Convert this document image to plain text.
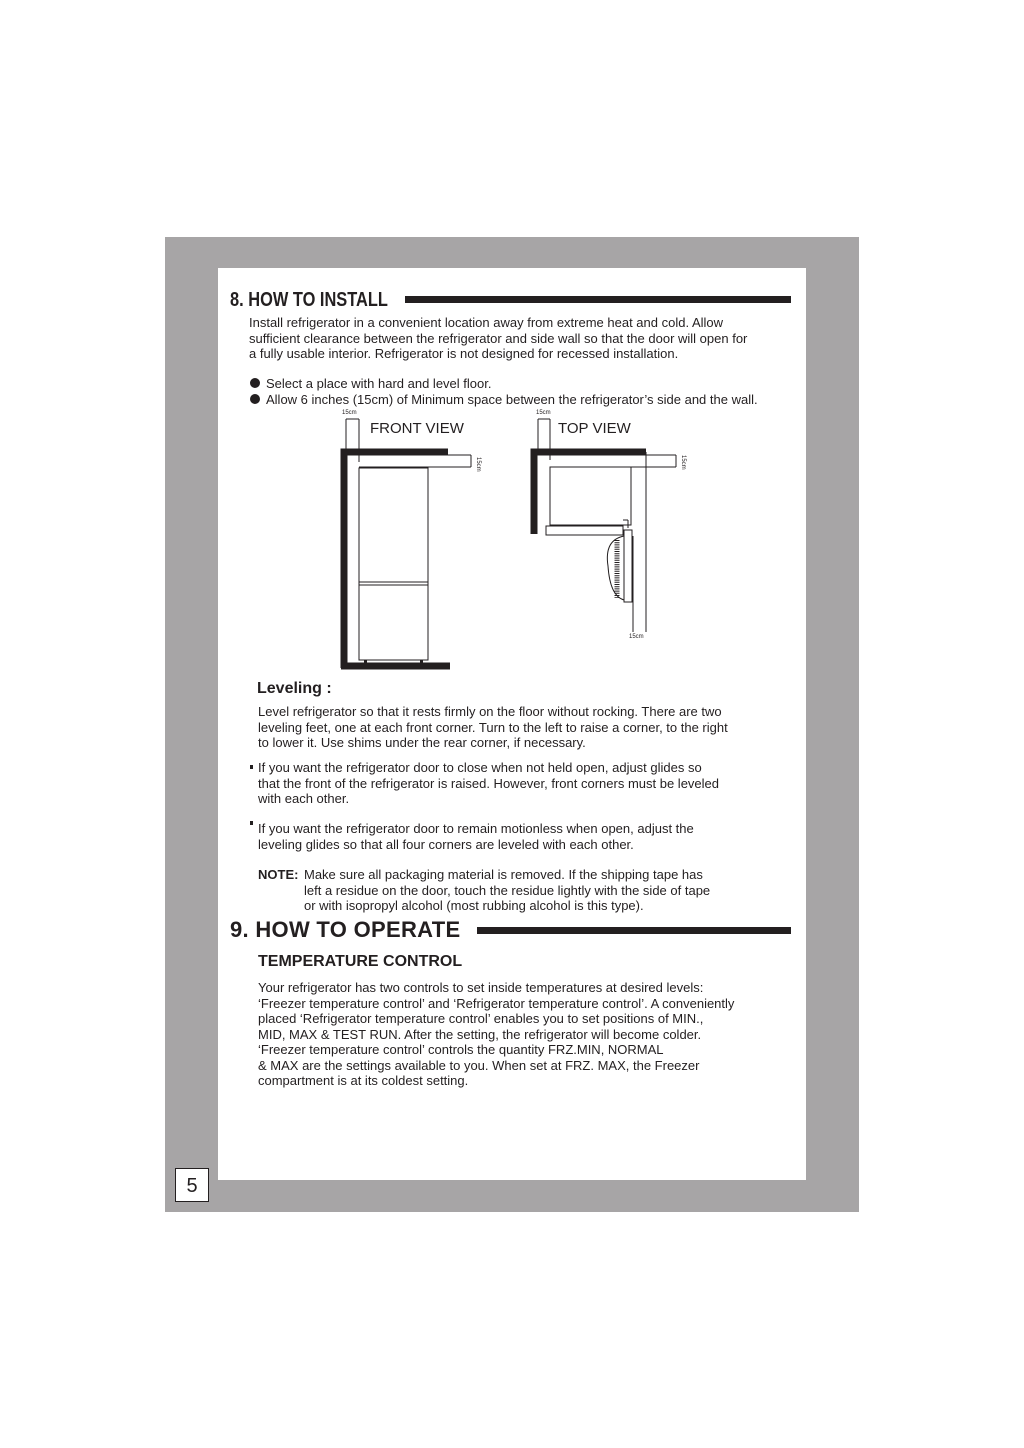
5
8. HOW TO INSTALL
Install refrigerator in a convenient location away from extreme heat and cold. Allow
sufficient clearance between the refrigerator and side wall so that the door will open for
a fully usable interior. Refrigerator is not designed for recessed installation.
Select a place with hard and level floor.
Allow 6 inches (15cm) of Minimum space between the refrigerator’s side and the wall.
15cm	15cm
15cm	15cm
15cm
FRONT VIEW	TOP VIEW
Leveling :
Level refrigerator so that it rests firmly on the floor without rocking. There are two
leveling feet, one at each front corner. Turn to the left to raise a corner, to the right
to lower it. Use shims under the rear corner, if necessary.
If you want the refrigerator door to close when not held open, adjust glides so
that the front of the refrigerator is raised. However, front corners must be leveled
with each other.
If you want the refrigerator door to remain motionless when open, adjust the
leveling glides so that all four corners are leveled with each other.
NOTE: Make sure all packaging material is removed. If the shipping tape has
left a residue on the door, touch the residue lightly with the side of tape
or with isopropyl alcohol (most rubbing alcohol is this type).
9. HOW TO OPERATE
TEMPERATURE CONTROL
Your refrigerator has two controls to set inside temperatures at desired levels:
‘Freezer temperature control’ and ‘Refrigerator temperature control’. A conveniently
placed ‘Refrigerator temperature control’ enables you to set positions of MIN.,
MID, MAX & TEST RUN. After the setting, the refrigerator will become colder.
‘Freezer temperature control’ controls the quantity FRZ.MIN, NORMAL
& MAX are the settings available to you. When set at FRZ. MAX, the Freezer
compartment is at its coldest setting.
